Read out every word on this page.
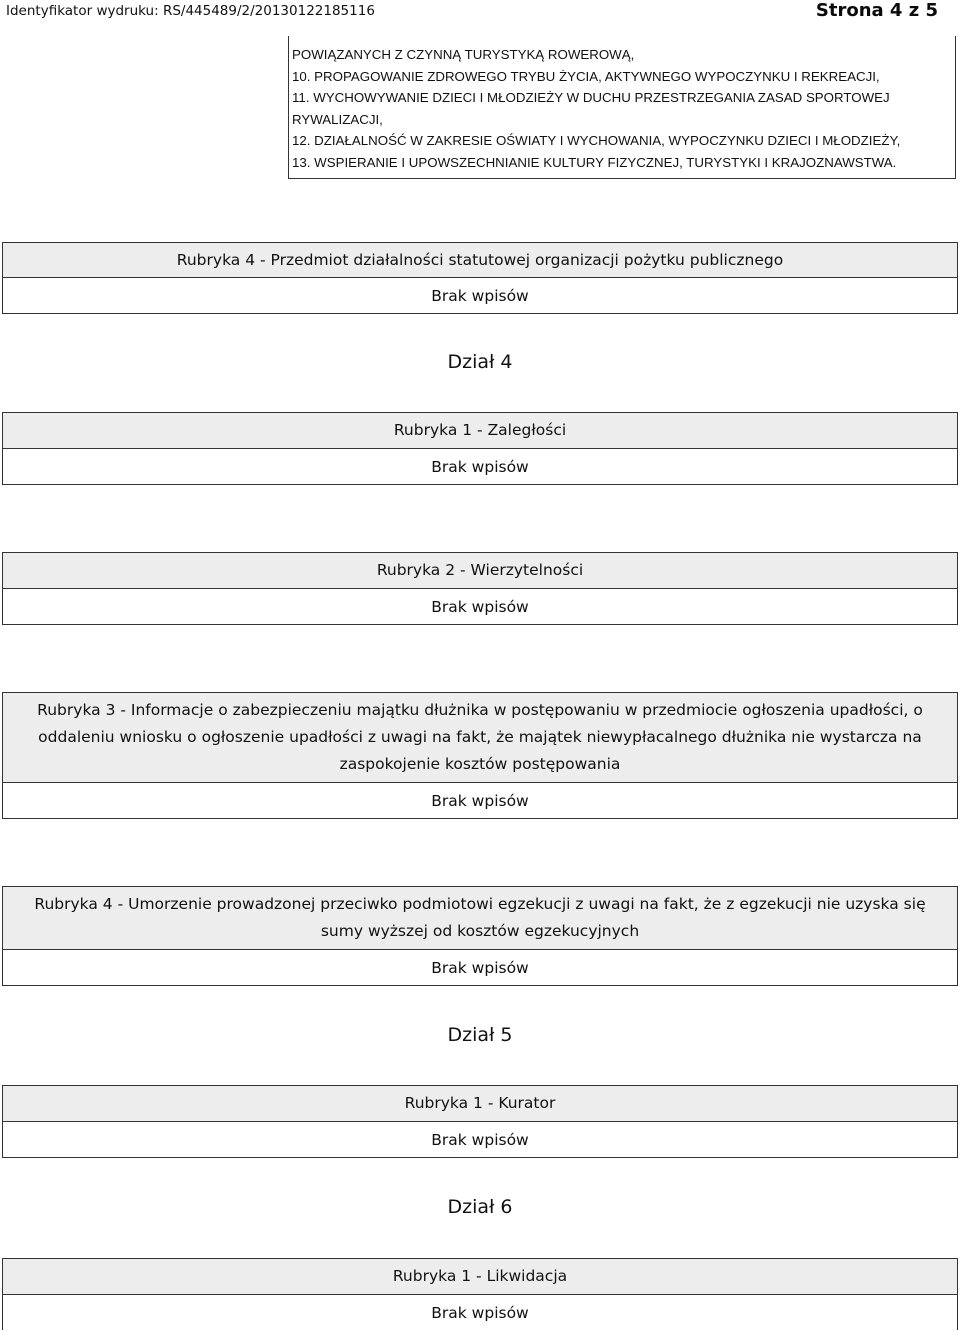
Identyfikator wydruku: RS/445489/2/20130122185116	Strona 4 z 5
POWIĄZANYCH Z CZYNNĄ TURYSTYKĄ ROWEROWĄ,
10. PROPAGOWANIE ZDROWEGO TRYBU ŻYCIA, AKTYWNEGO WYPOCZYNKU I REKREACJI,
11. WYCHOWYWANIE DZIECI I MŁODZIEŻY W DUCHU PRZESTRZEGANIA ZASAD SPORTOWEJ
RYWALIZACJI,
12. DZIAŁALNOŚĆ W ZAKRESIE OŚWIATY I WYCHOWANIA, WYPOCZYNKU DZIECI I MŁODZIEŻY,
13. WSPIERANIE I UPOWSZECHNIANIE KULTURY FIZYCZNEJ, TURYSTYKI I KRAJOZNAWSTWA.
Rubryka 4 - Przedmiot działalności statutowej organizacji pożytku publicznego
Brak wpisów
Dział 4
Rubryka 1 - Zaległości
Brak wpisów
Rubryka 2 - Wierzytelności
Brak wpisów
Rubryka 3 - Informacje o zabezpieczeniu majątku dłużnika w postępowaniu w przedmiocie ogłoszenia upadłości, o oddaleniu wniosku o ogłoszenie upadłości z uwagi na fakt, że majątek niewypłacalnego dłużnika nie wystarcza na zaspokojenie kosztów postępowania
Brak wpisów
Rubryka 4 - Umorzenie prowadzonej przeciwko podmiotowi egzekucji z uwagi na fakt, że z egzekucji nie uzyska się sumy wyższej od kosztów egzekucyjnych
Brak wpisów
Dział 5
Rubryka 1 - Kurator
Brak wpisów
Dział 6
Rubryka 1 - Likwidacja
Brak wpisów
